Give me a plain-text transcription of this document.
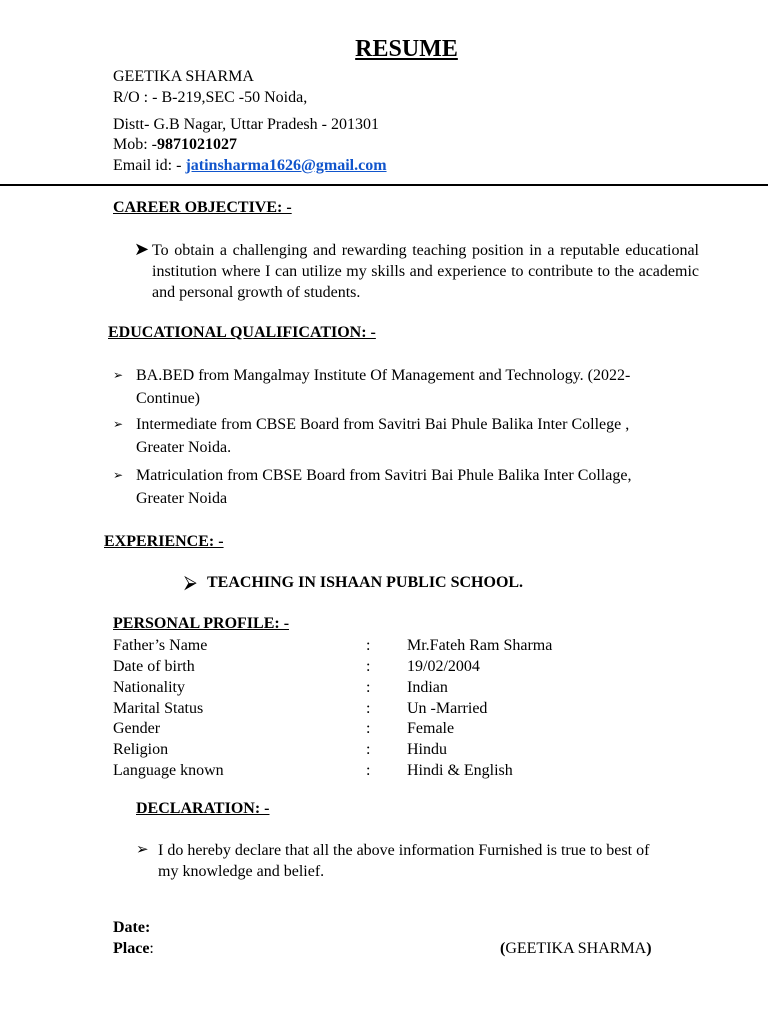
RESUME
GEETIKA SHARMA
R/O : - B-219,SEC -50 Noida,
Distt- G.B Nagar, Uttar Pradesh - 201301
Mob: -9871021027
Email id: - jatinsharma1626@gmail.com
CAREER OBJECTIVE: -
➤ To obtain a challenging and rewarding teaching position in a reputable educational institution where I can utilize my skills and experience to contribute to the academic and personal growth of students.
EDUCATIONAL QUALIFICATION: -
➢ BA.BED from Mangalmay Institute Of Management and Technology. (2022-
Continue)
➢ Intermediate from CBSE Board from Savitri Bai Phule Balika Inter College ,
Greater Noida.
➢ Matriculation from CBSE Board from Savitri Bai Phule Balika Inter Collage,
Greater Noida
EXPERIENCE: -
⮚ TEACHING IN ISHAAN PUBLIC SCHOOL.
PERSONAL PROFILE: -
Father’s Name	: Mr.Fateh Ram Sharma
Date of birth	: 19/02/2004
Nationality	: Indian
Marital Status	: Un -Married
Gender	: Female
Religion	: Hindu
Language known	: Hindi & English
DECLARATION: -
➢ I do hereby declare that all the above information Furnished is true to best of
my knowledge and belief.
Date:
Place:	(GEETIKA SHARMA)
